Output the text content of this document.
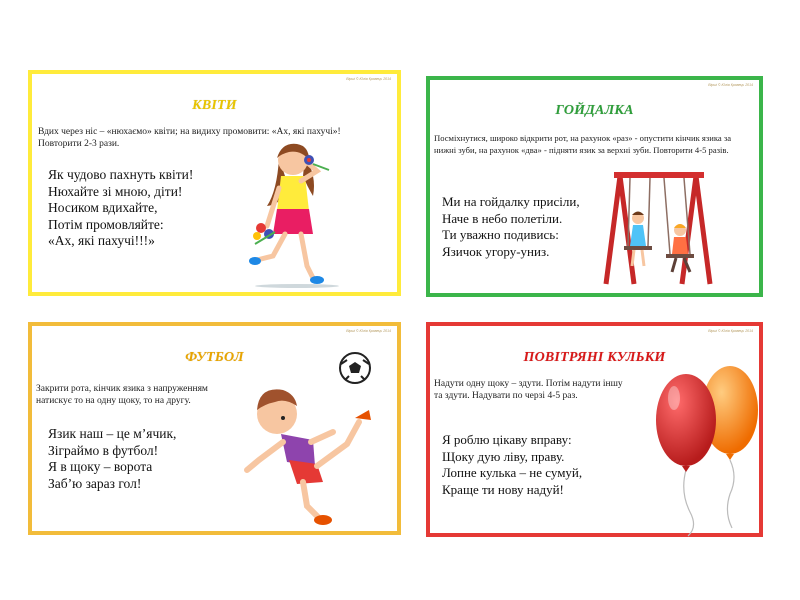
Вірші © Юлія Кравець 2014
КВІТИ
Вдих через ніс – «нюхаємо» квіти; на видиху промовити: «Ах, які пахучі»!
Повторити 2-3 рази.
Як чудово пахнуть квіти!
Нюхайте зі мною, діти!
Носиком вдихайте,
Потім промовляйте:
«Ах, які пахучі!!!»
Вірші © Юлія Кравець 2014
ГОЙДАЛКА
Посміхнутися, широко відкрити рот, на рахунок «раз» - опустити кінчик язика за
нижні зуби, на рахунок «два» - підняти язик за верхні зуби. Повторити 4-5 разів.
Ми на гойдалку присіли,
Наче в небо полетіли.
Ти уважно подивись:
Язичок угору-униз.
Вірші © Юлія Кравець 2014
ФУТБОЛ
Закрити рота, кінчик язика з напруженням
натискує то на одну щоку, то на другу.
Язик наш – це м’ячик,
Зіграймо в футбол!
Я в щоку – ворота
Заб’ю зараз гол!
Вірші © Юлія Кравець 2014
ПОВІТРЯНІ КУЛЬКИ
Надути одну щоку – здути. Потім надути іншу
та здути. Надувати по черзі 4-5 раз.
Я роблю цікаву вправу:
Щоку дую ліву, праву.
Лопне кулька – не сумуй,
Краще ти нову надуй!
